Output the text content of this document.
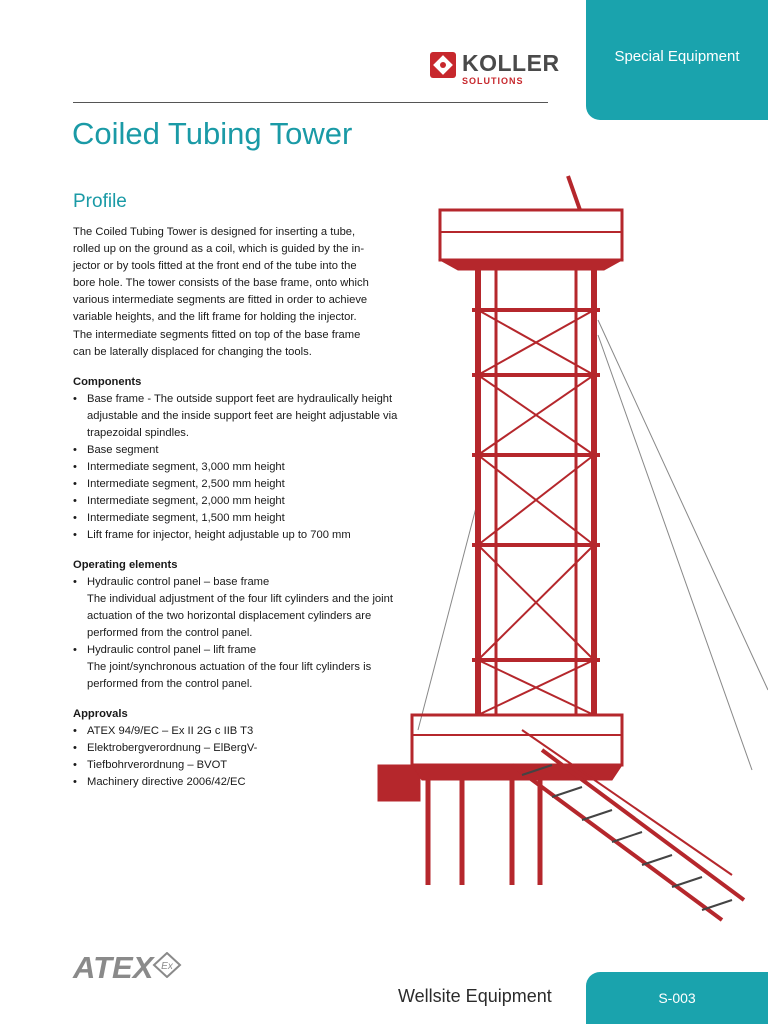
Special Equipment
KOLLER
SOLUTIONS
Coiled Tubing Tower
Profile

The Coiled Tubing Tower is designed for inserting a tube,

rolled up on the ground as a coil, which is guided by the in-

jector or by tools fitted at the front end of the tube into the

bore hole. The tower consists of the base frame, onto which

various intermediate segments are fitted in order to achieve

variable heights, and the lift frame for holding the injector.

The intermediate segments fitted on top of the base frame

can be laterally displaced for changing the tools.

Components
• Base frame - The outside support feet are hydraulically height
adjustable and the inside support feet are height adjustable via
trapezoidal spindles.
• Base segment
• Intermediate segment, 3,000 mm height
• Intermediate segment, 2,500 mm height
• Intermediate segment, 2,000 mm height
• Intermediate segment, 1,500 mm height
• Lift frame for injector, height adjustable up to 700 mm
Operating elements
• Hydraulic control panel – base frame
The individual adjustment of the four lift cylinders and the joint
actuation of the two horizontal displacement cylinders are
performed from the control panel.
• Hydraulic control panel – lift frame
The joint/synchronous actuation of the four lift cylinders is
performed from the control panel.
Approvals
• ATEX 94/9/EC – Ex II 2G c IIB T3
• Elektrobergverordnung – ElBergV-
• Tiefbohrverordnung – BVOT
• Machinery directive 2006/42/EC
ATEX Ex
Wellsite Equipment	S-003
